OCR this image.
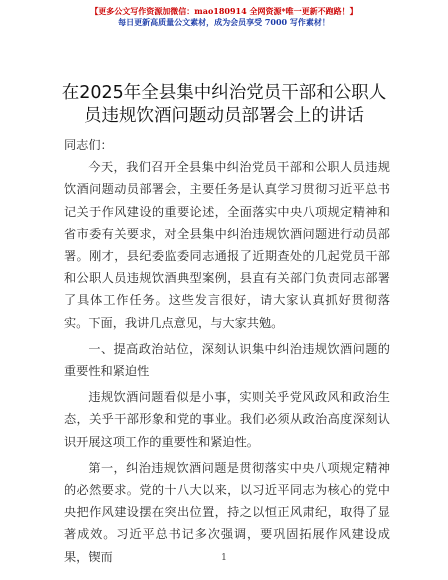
【更多公文写作资源加微信：mao180914 全网资源*唯一更新不跑路！】
每日更新高质量公文素材，成为会员享受 7000 写作素材！
在2025年全县集中纠治党员干部和公职人员违规饮酒问题动员部署会上的讲话

同志们：

今天，我们召开全县集中纠治党员干部和公职人员违规饮酒问题动员部署会，主要任务是认真学习贯彻习近平总书记关于作风建设的重要论述，全面落实中央八项规定精神和省市委有关要求，对全县集中纠治违规饮酒问题进行动员部署。刚才，县纪委监委同志通报了近期查处的几起党员干部和公职人员违规饮酒典型案例，县直有关部门负责同志部署了具体工作任务。这些发言很好，请大家认真抓好贯彻落实。下面，我讲几点意见，与大家共勉。

一、提高政治站位，深刻认识集中纠治违规饮酒问题的重要性和紧迫性

违规饮酒问题看似是小事，实则关乎党风政风和政治生态，关乎干部形象和党的事业。我们必须从政治高度深刻认识开展这项工作的重要性和紧迫性。

第一，纠治违规饮酒问题是贯彻落实中央八项规定精神的必然要求。党的十八大以来，以习近平同志为核心的党中央把作风建设摆在突出位置，持之以恒正风肃纪，取得了显著成效。习近平总书记多次强调，要巩固拓展作风建设成果，锲而	1
